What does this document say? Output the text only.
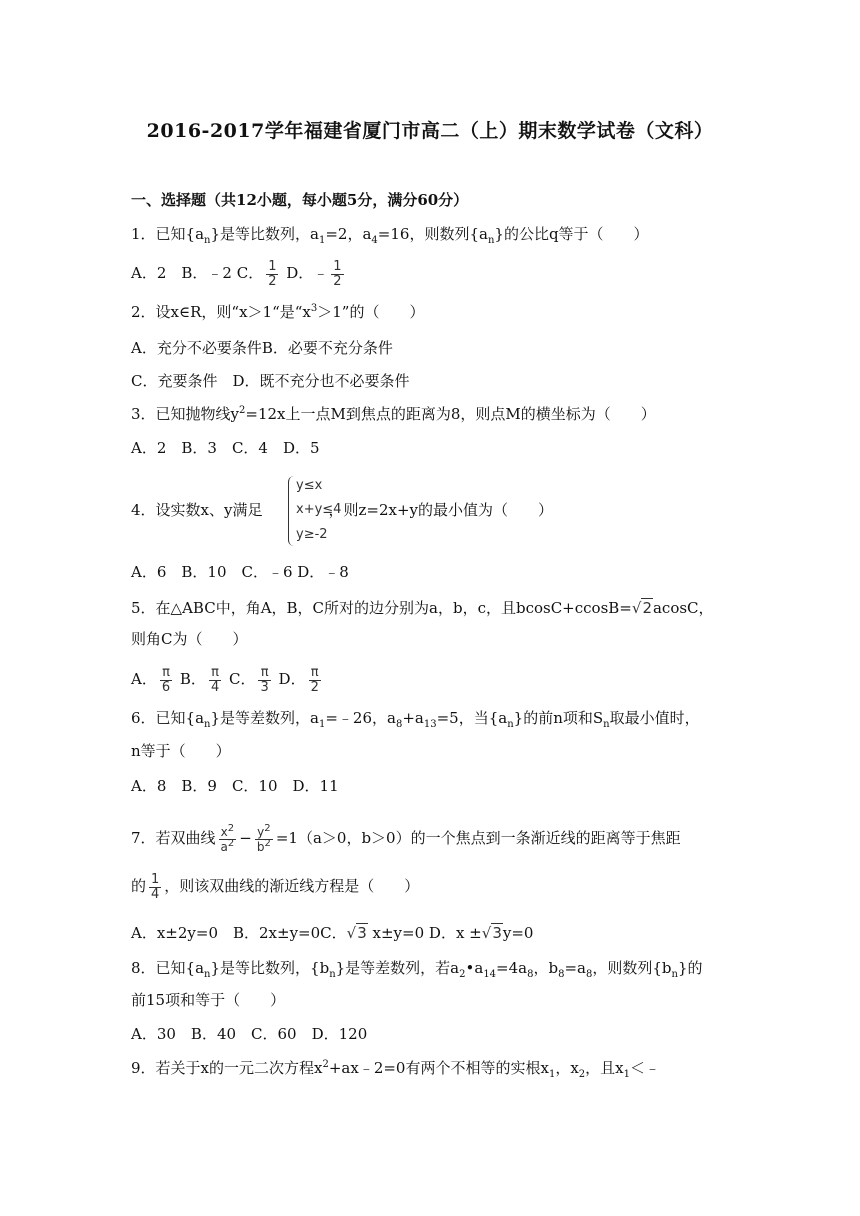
2016-2017学年福建省厦门市高二（上）期末数学试卷（文科）
一、选择题（共12小题，每小题5分，满分60分）
1．已知$\{a_n\}$是等比数列，$a_1=2$，$a_4=16$，则数列$\{a_n\}$的公比q等于（　　）
A．2　B．﹣2 C． $\frac{1}{2}$ D．﹣ $\frac{1}{2}$
2．设x∈R，则“x＞1“是“$x^3>1$”的（　　）
A．充分不必要条件B．必要不充分条件
C．充要条件　D．既不充分也不必要条件
3．已知抛物线$y^2=12x$上一点M到焦点的距离为8，则点M的横坐标为（　　）
A．2　B．3　C．4　D．5
4．设实数x、y满足	，则z=2x+y的最小值为（　　）
y≤x
x+y≤4
y≥-2
A．6　B．10　C．﹣6 D．﹣8
5．在△ABC中，角A，B，C所对的边分别为a，b，c，且bcosC+ccosB=√2acosC，
则角C为（　　）
A． $\frac{\pi}{6}$ B． $\frac{\pi}{4}$ C． $\frac{\pi}{3}$ D． $\frac{\pi}{2}$
6．已知$\{a_n\}$是等差数列，$a_1=﹣26$，$a_8+a_{13}=5$，当$\{a_n\}$的前n项和$S_n$取最小值时，
n等于（　　）
A．8　B．9　C．10　D．11
7．若双曲线 $\frac{x^2}{a^2} - \frac{y^2}{b^2} =1(a>0$，b＞0）的一个焦点到一条渐近线的距离等于焦距
的 $\frac{1}{4}$ ，则该双曲线的渐近线方程是（　　）
A．x±2y=0　B．2x±y=0C．√3 x±y=0 D．x ±√3y=0
8．已知$\{a_n\}$是等比数列，$\{b_n\}$是等差数列，若$a_2•a_{14}=4a_8$，$b_8=a_8$，则数列$\{b_n\}$的
前15项和等于（　　）
A．30　B．40　C．60　D．120
9．若关于x的一元二次方程$x^2+ax﹣2=0$有两个不相等的实根$x_1$，$x_2$，且$x_1<﹣$
